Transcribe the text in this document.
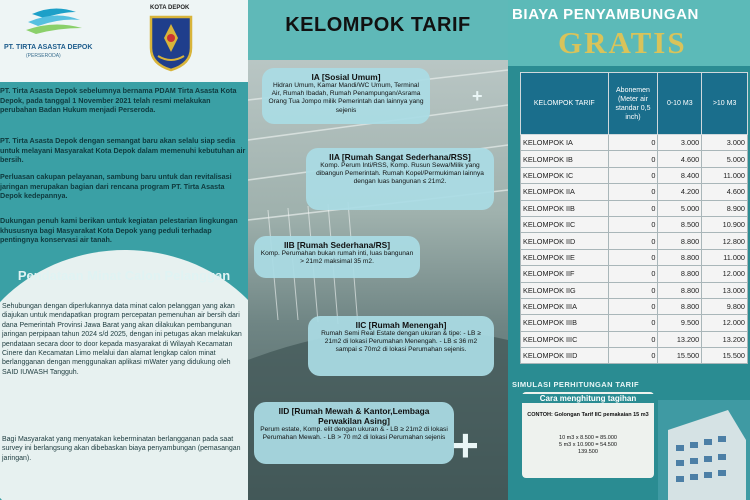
PT. TIRTA ASASTA DEPOK
(PERSERODA)
KOTA DEPOK
PT. Tirta Asasta Depok sebelumnya bernama PDAM Tirta Asasta Kota Depok, pada tanggal 1 November 2021 telah resmi melakukan perubahan Badan Hukum menjadi Perseroda.
PT. Tirta Asasta Depok dengan semangat baru akan selalu siap sedia untuk melayani Masyarakat Kota Depok dalam memenuhi kebutuhan air bersih.
Perluasan cakupan pelayanan, sambung baru untuk dan revitalisasi jaringan merupakan bagian dari rencana program PT. Tirta Asasta Depok kedepannya.
Dukungan penuh kami berikan untuk kegiatan pelestarian lingkungan khususnya bagi Masyarakat Kota Depok yang peduli terhadap pentingnya konservasi air tanah.
Pendataan Minat Calon Pelanggan
Sehubungan dengan diperlukannya data minat calon pelanggan yang akan diajukan untuk mendapatkan program percepatan pemenuhan air bersih dari dana Pemerintah Provinsi Jawa Barat yang akan dilakukan pembangunan jaringan perpipaan tahun 2024 s/d 2025, dengan ini petugas akan melakukan pendataan secara door to door kepada masyarakat di Wilayah Kecamatan Cinere dan Kecamatan Limo melalui dan alamat lengkap calon minat berlangganan dengan menggunakan aplikasi mWater yang didukung oleh SAID IUWASH Tangguh.
Bagi Masyarakat yang menyatakan keberminatan berlangganan pada saat survey ini berlangsung akan dibebaskan biaya penyambungan (pemasangan jaringan).
KELOMPOK TARIF
IA [Sosial Umum]
Hidran Umum, Kamar Mandi/WC Umum, Terminal Air, Rumah Ibadah, Rumah Penampungan/Asrama Orang Tua Jompo milik Pemerintah dan lainnya yang sejenis
+
IIA [Rumah Sangat Sederhana/RSS]
Komp. Perum Inti/RSS, Komp. Rusun Sewa/Milik yang dibangun Pemerintah. Rumah Kopel/Permukiman lainnya dengan luas bangunan ≤ 21m2.
IIB [Rumah Sederhana/RS]
Komp. Perumahan bukan rumah inti, luas bangunan > 21m2 maksimal 35 m2.
IIC [Rumah Menengah]
Rumah Semi Real Estate dengan ukuran & tipe: - LB ≥ 21m2 di lokasi Perumahan Menengah. - LB ≤ 36 m2 sampai ≤ 70m2 di lokasi Perumahan sejenis.
IID [Rumah Mewah & Kantor,Lembaga Perwakilan Asing]
Perum estate, Komp. elit dengan ukuran & - LB ≥ 21m2 di lokasi Perumahan Mewah. - LB > 70 m2 di lokasi Perumahan sejenis +
BIAYA PENYAMBUNGAN
GRATIS
KELOMPOK TARIF	Abonemen (Meter air standar 0,5 inch)	0-10 M3	>10 M3
KELOMPOK IA	0	3.000	3.000
KELOMPOK IB	0	4.600	5.000
KELOMPOK IC	0	8.400	11.000
KELOMPOK IIA	0	4.200	4.600
KELOMPOK IIB	0	5.000	8.900
KELOMPOK IIC	0	8.500	10.900
KELOMPOK IID	0	8.800	12.800
KELOMPOK IIE	0	8.800	11.000
KELOMPOK IIF	0	8.800	12.000
KELOMPOK IIG	0	8.800	13.000
KELOMPOK IIIA	0	8.800	9.800
KELOMPOK IIIB	0	9.500	12.000
KELOMPOK IIIC	0	13.200	13.200
KELOMPOK IIID	0	15.500	15.500
SIMULASI PERHITUNGAN TARIF
CONTOH: Golongan Tarif IIC pemakaian 15 m3
10 m3 x 8.500 = 85.000
5 m3 x 10.900 = 54.500
139.500
Cara menghitung tagihan
